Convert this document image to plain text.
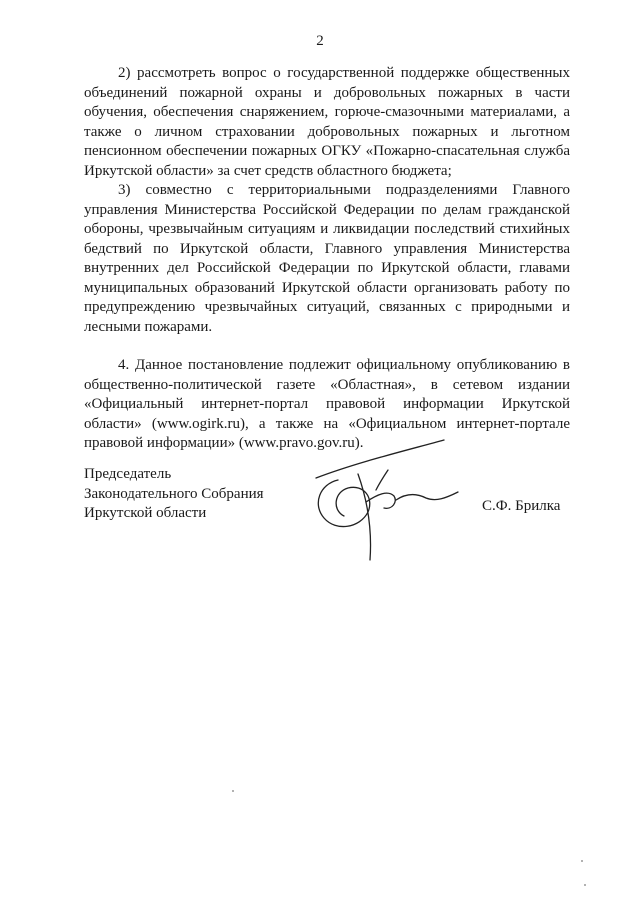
2

2) рассмотреть вопрос о государственной поддержке общественных объединений пожарной охраны и добровольных пожарных в части обучения, обеспечения снаряжением, горюче-смазочными материалами, а также о личном страховании добровольных пожарных и льготном пенсионном обеспечении пожарных ОГКУ «Пожарно-спасательная служба Иркутской области» за счет средств областного бюджета;

3) совместно с территориальными подразделениями Главного управления Министерства Российской Федерации по делам гражданской обороны, чрезвычайным ситуациям и ликвидации последствий стихийных бедствий по Иркутской области, Главного управления Министерства внутренних дел Российской Федерации по Иркутской области, главами муниципальных образований Иркутской области организовать работу по предупреждению чрезвычайных ситуаций, связанных с природными и лесными пожарами.

4. Данное постановление подлежит официальному опубликованию в общественно-политической газете «Областная», в сетевом издании «Официальный интернет-портал правовой информации Иркутской области» (www.ogirk.ru), а также на «Официальном интернет-портале правовой информации» (www.pravo.gov.ru).

Председатель
Законодательного Собрания
Иркутской области	С.Ф. Брилка
